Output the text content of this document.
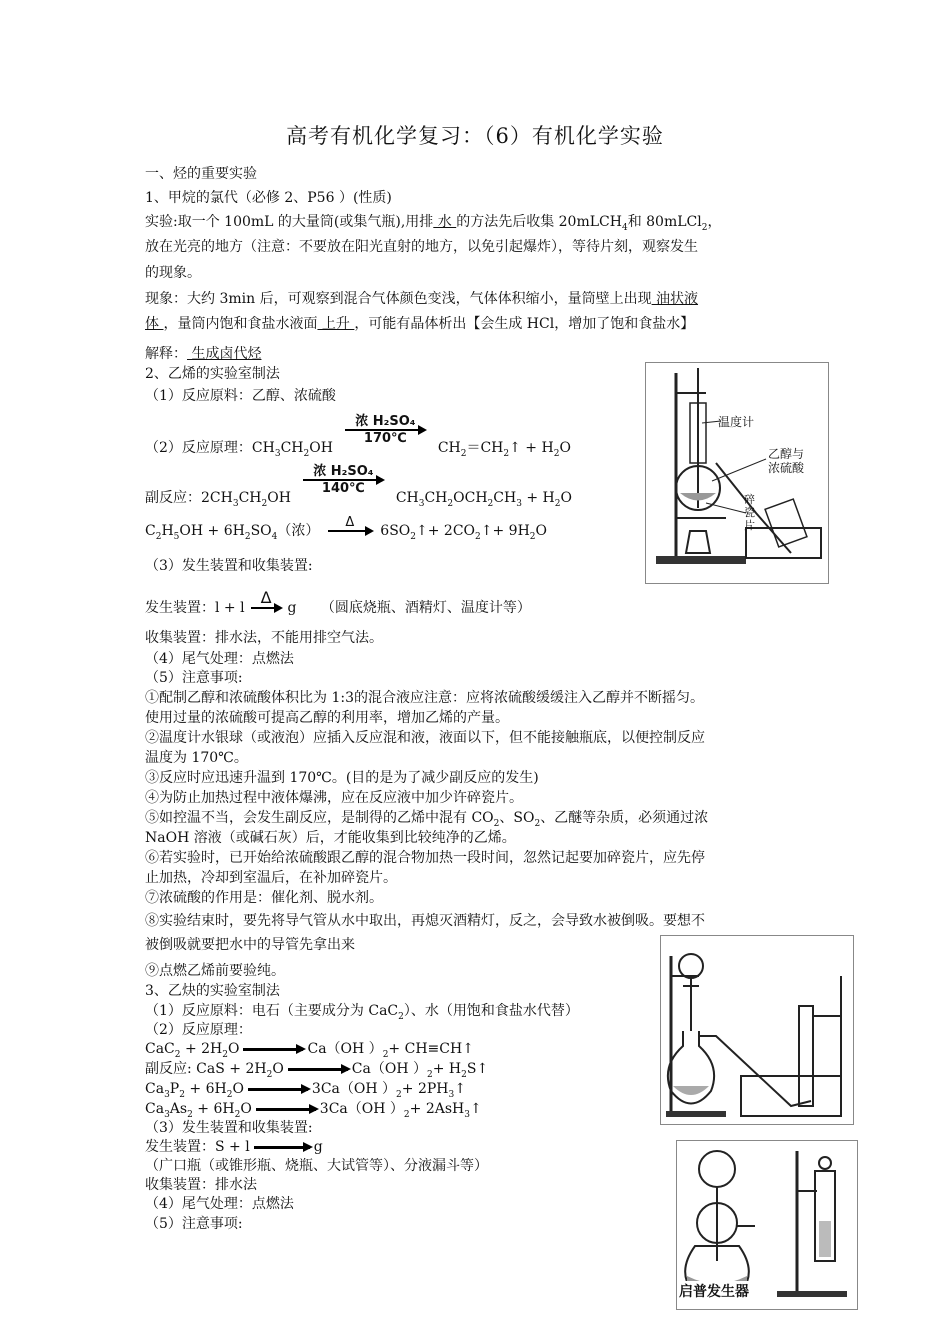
高考有机化学复习：（6）有机化学实验
一、烃的重要实验
1、甲烷的氯代（必修 2、P56 ）(性质)
实验:取一个 100mL 的大量筒(或集气瓶),用排 水 的方法先后收集 20mLCH$_4$和 80mLCl$_2$，
放在光亮的地方（注意：不要放在阳光直射的地方，以免引起爆炸），等待片刻，观察发生
的现象。
现象：大约 3min 后，可观察到混合气体颜色变浅，气体体积缩小，量筒壁上出现 油状液
体 ，量筒内饱和食盐水液面 上升 ，可能有晶体析出【会生成 HCl，增加了饱和食盐水】
解释： 生成卤代烃
2、乙烯的实验室制法
（1）反应原料：乙醇、浓硫酸
（2）反应原理：$CH_3CH_2OH$
浓 H₂SO₄
170℃
$CH_2=CH_2↑ + H_2O$
副反应：$2CH_3CH_2OH$
浓 H₂SO₄
140℃
$CH_3CH_2OCH_2CH_3 + H_2O$
$C_2H_5OH + 6H_2SO_4$（浓）
Δ
$6SO_2↑+$ $2CO_2↑+ 9H_2O$
（3）发生装置和收集装置:
发生装置：l + l
Δ
g （圆底烧瓶、酒精灯、温度计等）
收集装置：排水法，不能用排空气法。
（4）尾气处理：点燃法
（5）注意事项:
①配制乙醇和浓硫酸体积比为 1:3的混合液应注意：应将浓硫酸缓缓注入乙醇并不断摇匀。
使用过量的浓硫酸可提高乙醇的利用率，增加乙烯的产量。
②温度计水银球（或液泡）应插入反应混和液，液面以下，但不能接触瓶底，以便控制反应
温度为 170℃。
③反应时应迅速升温到 170℃。(目的是为了减少副反应的发生)
④为防止加热过程中液体爆沸，应在反应液中加少许碎瓷片。
⑤如控温不当，会发生副反应，是制得的乙烯中混有 $CO_2$、$SO_2$、乙醚等杂质，必须通过浓
NaOH 溶液（或碱石灰）后，才能收集到比较纯净的乙烯。
⑥若实验时，已开始给浓硫酸跟乙醇的混合物加热一段时间，忽然记起要加碎瓷片，应先停
止加热，冷却到室温后，在补加碎瓷片。
⑦浓硫酸的作用是：催化剂、脱水剂。
⑧实验结束时，要先将导气管从水中取出，再熄灭酒精灯，反之，会导致水被倒吸。要想不
被倒吸就要把水中的导管先拿出来
⑨点燃乙烯前要验纯。
3、乙炔的实验室制法
（1）反应原料：电石（主要成分为 CaC$_2$）、水（用饱和食盐水代替）
（2）反应原理：
$CaC_2 + 2H_2O$	Ca（OH ）$_2+$ CH≡CH↑
副反应: CaS + $2H_2O$	Ca（OH ）$_2+$ $H_2S↑$
$Ca_3P_2 + 6H_2O$	3Ca（OH ）$_2+$ $2PH_3↑$
$Ca_3As_2 + 6H_2O$	3Ca（OH ）$_2+$ 2AsH$_3$↑
（3）发生装置和收集装置:
发生装置：S + l → g
（广口瓶（或锥形瓶、烧瓶、大试管等）、分液漏斗等）
收集装置：排水法
（4）尾气处理：点燃法
（5）注意事项:
温度计
乙醇与浓硫酸
碎瓷片
启普发生器
